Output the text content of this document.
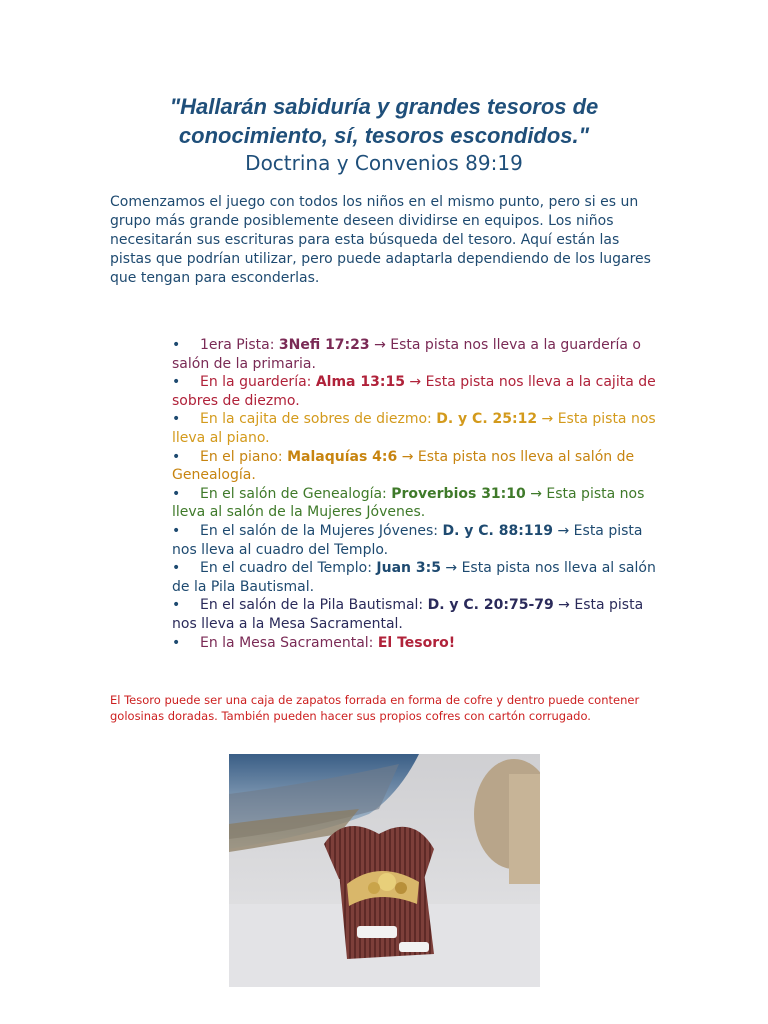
"Hallarán sabiduría y grandes tesoros de conocimiento, sí, tesoros escondidos."
Doctrina y Convenios 89:19
Comenzamos el juego con todos los niños en el mismo punto, pero si es un grupo más grande posiblemente deseen dividirse en equipos. Los niños necesitarán sus escrituras para esta búsqueda del tesoro. Aquí están las pistas que podrían utilizar, pero puede adaptarla dependiendo de los lugares que tengan para esconderlas.
• 1era Pista: 3Nefi 17:23 → Esta pista nos lleva a la guardería o salón de la primaria.
• En la guardería: Alma 13:15 → Esta pista nos lleva a la cajita de sobres de diezmo.
• En la cajita de sobres de diezmo: D. y C. 25:12 → Esta pista nos lleva al piano.
• En el piano: Malaquías 4:6 → Esta pista nos lleva al salón de Genealogía.
• En el salón de Genealogía: Proverbios 31:10 → Esta pista nos lleva al salón de la Mujeres Jóvenes.
• En el salón de la Mujeres Jóvenes: D. y C. 88:119 → Esta pista nos lleva al cuadro del Templo.
• En el cuadro del Templo: Juan 3:5 → Esta pista nos lleva al salón de la Pila Bautismal.
• En el salón de la Pila Bautismal: D. y C. 20:75-79 → Esta pista nos lleva a la Mesa Sacramental.
• En la Mesa Sacramental: El Tesoro!
El Tesoro puede ser una caja de zapatos forrada en forma de cofre y dentro puede contener golosinas doradas. También pueden hacer sus propios cofres con cartón corrugado.
